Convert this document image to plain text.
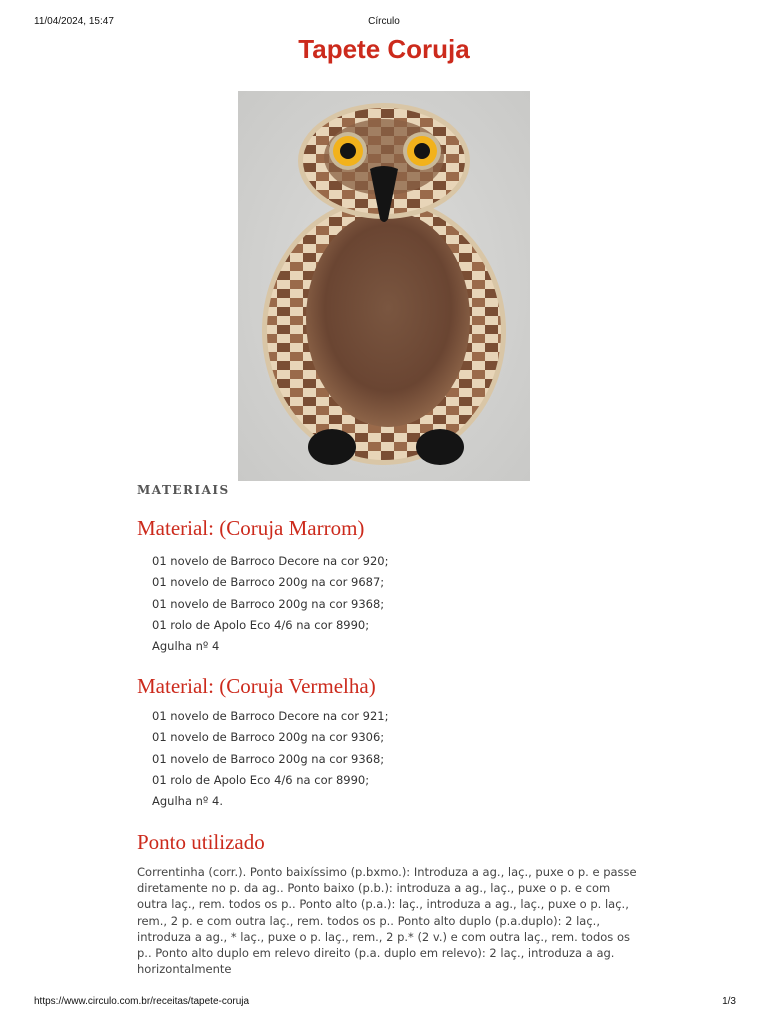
11/04/2024, 15:47	Círculo
Tapete Coruja
MATERIAIS
Material: (Coruja Marrom)
01 novelo de Barroco Decore na cor 920;
01 novelo de Barroco 200g na cor 9687;
01 novelo de Barroco 200g na cor 9368;
01 rolo de Apolo Eco 4/6 na cor 8990;
Agulha nº 4
Material: (Coruja Vermelha)
01 novelo de Barroco Decore na cor 921;
01 novelo de Barroco 200g na cor 9306;
01 novelo de Barroco 200g na cor 9368;
01 rolo de Apolo Eco 4/6 na cor 8990;
Agulha nº 4.
Ponto utilizado

Correntinha (corr.). Ponto baixíssimo (p.bxmo.): Introduza a ag., laç., puxe o p. e passe diretamente no p. da ag.. Ponto baixo (p.b.): introduza a ag., laç., puxe o p. e com outra laç., rem. todos os p.. Ponto alto (p.a.): laç., introduza a ag., laç., puxe o p. laç., rem., 2 p. e com outra laç., rem. todos os p.. Ponto alto duplo (p.a.duplo): 2 laç., introduza a ag., * laç., puxe o p. laç., rem., 2 p.* (2 v.) e com outra laç., rem. todos os p.. Ponto alto duplo em relevo direito (p.a. duplo em relevo): 2 laç., introduza a ag. horizontalmente

https://www.circulo.com.br/receitas/tapete-coruja	1/3
